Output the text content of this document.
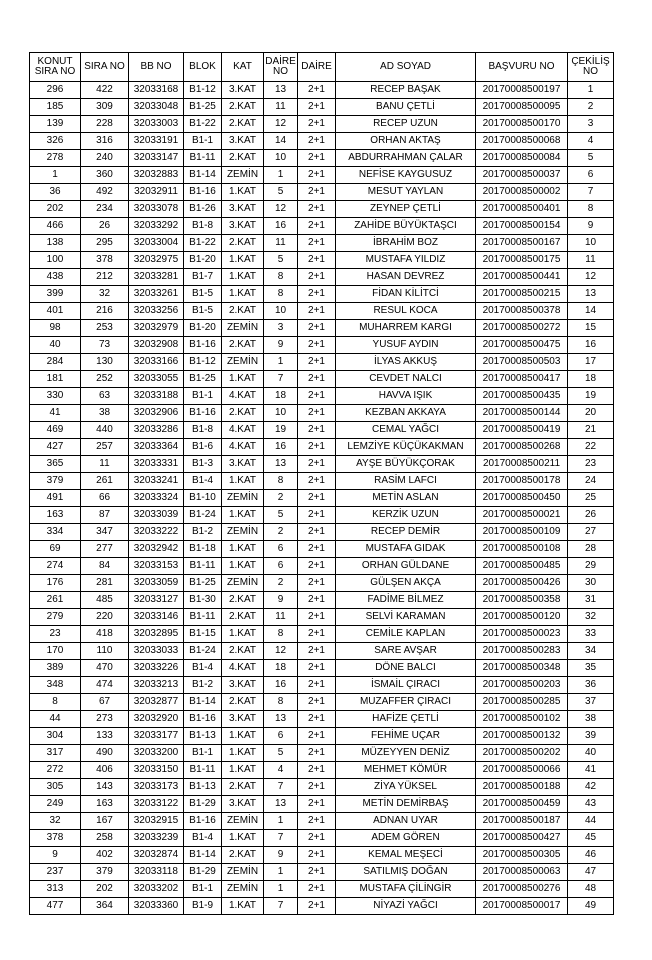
KONUT SIRA NO	SIRA NO	BB NO	BLOK	KAT	DAİRE NO	DAİRE	AD SOYAD	BAŞVURU NO	ÇEKİLİŞ NO
296	422	32033168	B1-12	3.KAT	13	2+1	RECEP BAŞAK	20170008500197	1
185	309	32033048	B1-25	2.KAT	11	2+1	BANU ÇETLİ	20170008500095	2
139	228	32033003	B1-22	2.KAT	12	2+1	RECEP UZUN	20170008500170	3
326	316	32033191	B1-1	3.KAT	14	2+1	ORHAN AKTAŞ	20170008500068	4
278	240	32033147	B1-11	2.KAT	10	2+1	ABDURRAHMAN ÇALAR	20170008500084	5
1	360	32032883	B1-14	ZEMİN	1	2+1	NEFİSE KAYGUSUZ	20170008500037	6
36	492	32032911	B1-16	1.KAT	5	2+1	MESUT YAYLAN	20170008500002	7
202	234	32033078	B1-26	3.KAT	12	2+1	ZEYNEP ÇETLİ	20170008500401	8
466	26	32033292	B1-8	3.KAT	16	2+1	ZAHİDE BÜYÜKTAŞCI	20170008500154	9
138	295	32033004	B1-22	2.KAT	11	2+1	İBRAHİM BOZ	20170008500167	10
100	378	32032975	B1-20	1.KAT	5	2+1	MUSTAFA YILDIZ	20170008500175	11
438	212	32033281	B1-7	1.KAT	8	2+1	HASAN DEVREZ	20170008500441	12
399	32	32033261	B1-5	1.KAT	8	2+1	FİDAN KİLİTCİ	20170008500215	13
401	216	32033256	B1-5	2.KAT	10	2+1	RESUL KOCA	20170008500378	14
98	253	32032979	B1-20	ZEMİN	3	2+1	MUHARREM KARGI	20170008500272	15
40	73	32032908	B1-16	2.KAT	9	2+1	YUSUF AYDIN	20170008500475	16
284	130	32033166	B1-12	ZEMİN	1	2+1	İLYAS AKKUŞ	20170008500503	17
181	252	32033055	B1-25	1.KAT	7	2+1	CEVDET NALCI	20170008500417	18
330	63	32033188	B1-1	4.KAT	18	2+1	HAVVA IŞIK	20170008500435	19
41	38	32032906	B1-16	2.KAT	10	2+1	KEZBAN AKKAYA	20170008500144	20
469	440	32033286	B1-8	4.KAT	19	2+1	CEMAL YAĞCI	20170008500419	21
427	257	32033364	B1-6	4.KAT	16	2+1	LEMZİYE KÜÇÜKAKMAN	20170008500268	22
365	11	32033331	B1-3	3.KAT	13	2+1	AYŞE BÜYÜKÇORAK	20170008500211	23
379	261	32033241	B1-4	1.KAT	8	2+1	RASİM LAFCI	20170008500178	24
491	66	32033324	B1-10	ZEMİN	2	2+1	METİN ASLAN	20170008500450	25
163	87	32033039	B1-24	1.KAT	5	2+1	KERZİK UZUN	20170008500021	26
334	347	32033222	B1-2	ZEMİN	2	2+1	RECEP DEMİR	20170008500109	27
69	277	32032942	B1-18	1.KAT	6	2+1	MUSTAFA GIDAK	20170008500108	28
274	84	32033153	B1-11	1.KAT	6	2+1	ORHAN GÜLDANE	20170008500485	29
176	281	32033059	B1-25	ZEMİN	2	2+1	GÜLŞEN AKÇA	20170008500426	30
261	485	32033127	B1-30	2.KAT	9	2+1	FADİME BİLMEZ	20170008500358	31
279	220	32033146	B1-11	2.KAT	11	2+1	SELVİ KARAMAN	20170008500120	32
23	418	32032895	B1-15	1.KAT	8	2+1	CEMİLE KAPLAN	20170008500023	33
170	110	32033033	B1-24	2.KAT	12	2+1	SARE AVŞAR	20170008500283	34
389	470	32033226	B1-4	4.KAT	18	2+1	DÖNE BALCI	20170008500348	35
348	474	32033213	B1-2	3.KAT	16	2+1	İSMAİL ÇIRACI	20170008500203	36
8	67	32032877	B1-14	2.KAT	8	2+1	MUZAFFER ÇIRACI	20170008500285	37
44	273	32032920	B1-16	3.KAT	13	2+1	HAFİZE ÇETLİ	20170008500102	38
304	133	32033177	B1-13	1.KAT	6	2+1	FEHİME UÇAR	20170008500132	39
317	490	32033200	B1-1	1.KAT	5	2+1	MÜZEYYEN DENİZ	20170008500202	40
272	406	32033150	B1-11	1.KAT	4	2+1	MEHMET KÖMÜR	20170008500066	41
305	143	32033173	B1-13	2.KAT	7	2+1	ZİYA YÜKSEL	20170008500188	42
249	163	32033122	B1-29	3.KAT	13	2+1	METİN DEMİRBAŞ	20170008500459	43
32	167	32032915	B1-16	ZEMİN	1	2+1	ADNAN UYAR	20170008500187	44
378	258	32033239	B1-4	1.KAT	7	2+1	ADEM GÖREN	20170008500427	45
9	402	32032874	B1-14	2.KAT	9	2+1	KEMAL MEŞECİ	20170008500305	46
237	379	32033118	B1-29	ZEMİN	1	2+1	SATILMIŞ DOĞAN	20170008500063	47
313	202	32033202	B1-1	ZEMİN	1	2+1	MUSTAFA ÇİLİNGİR	20170008500276	48
477	364	32033360	B1-9	1.KAT	7	2+1	NİYAZİ YAĞCI	20170008500017	49
